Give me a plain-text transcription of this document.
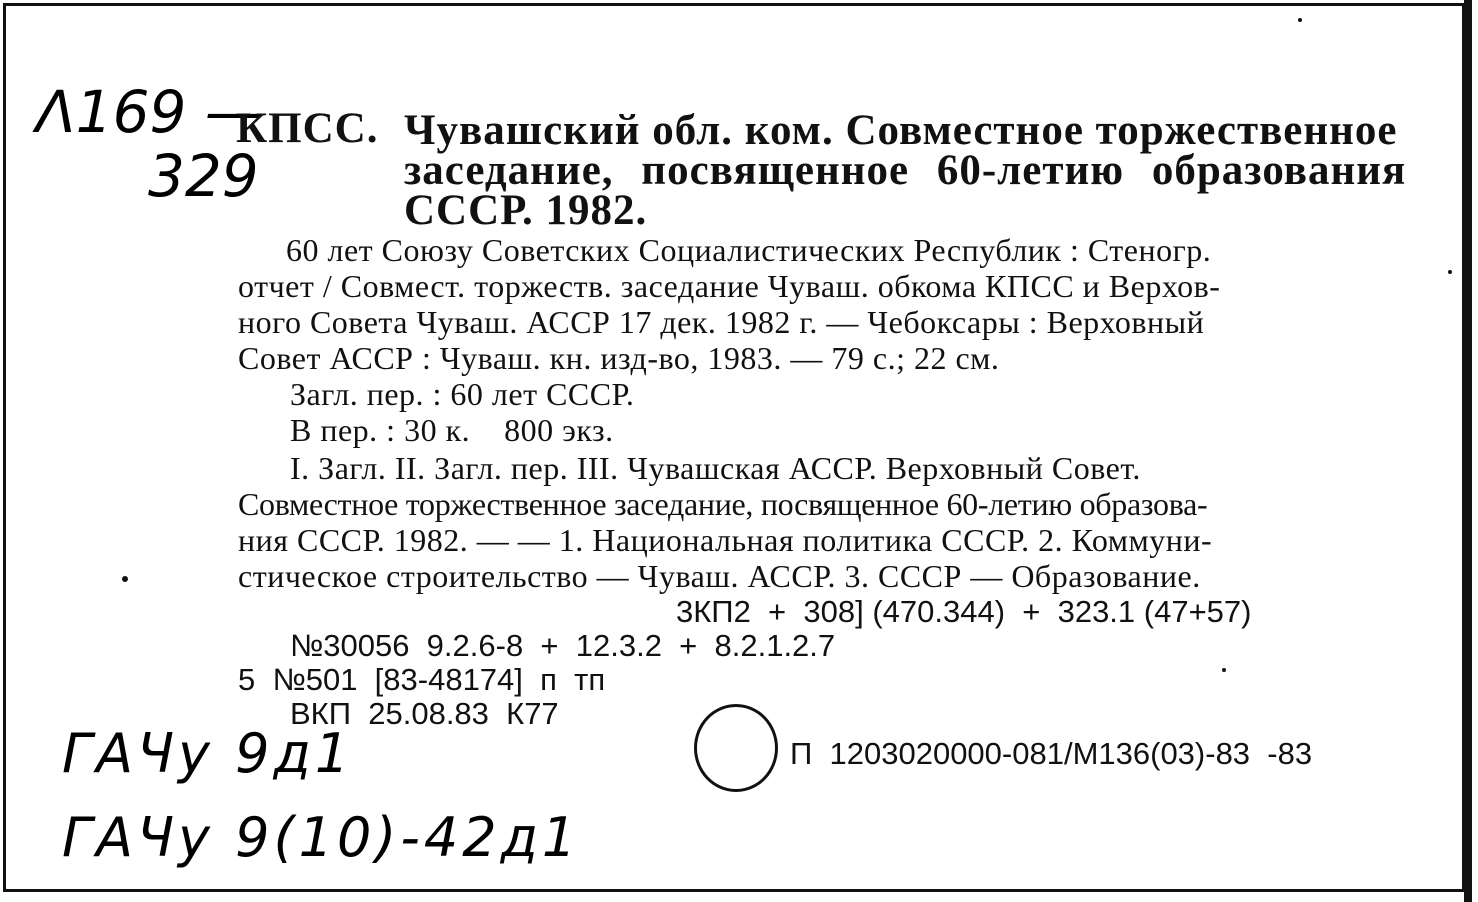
Λ169 —
329
КПСС. Чувашский обл. ком. Совместное торжественное
заседание, посвященное 60-летию образования
СССР. 1982.
60 лет Союзу Советских Социалистических Республик : Стеногр.
отчет / Совмест. торжеств. заседание Чуваш. обкома КПСС и Верхов-
ного Совета Чуваш. АССР 17 дек. 1982 г. — Чебоксары : Верховный
Совет АССР : Чуваш. кн. изд-во, 1983. — 79 с.; 22 см.
Загл. пер. : 60 лет СССР.
В пер. : 30 к.    800 экз.
I. Загл. II. Загл. пер. III. Чувашская АССР. Верховный Совет.
Совместное торжественное заседание, посвященное 60-летию образова-
ния СССР. 1982. — — 1. Национальная политика СССР. 2. Коммуни-
стическое строительство — Чуваш. АССР. 3. СССР — Образование.
3КП2  +  308] (470.344)  +  323.1 (47+57)
№30056  9.2.6-8  +  12.3.2  +  8.2.1.2.7
5  №501  [83-48174]  п  тп
ВКП  25.08.83  К77
П  1203020000-081/М136(03)-83  -83
ГАЧу 9д1
ГАЧу 9(10)-42д1
